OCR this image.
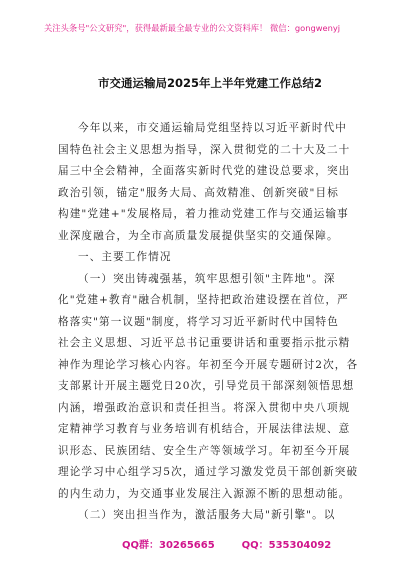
关注头条号"公文研究"，获得最新最全最专业的公文资料库！ 微信：gongwenyj
市交通运输局2025年上半年党建工作总结2
今年以来，市交通运输局党组坚持以习近平新时代中
国特色社会主义思想为指导，深入贯彻党的二十大及二十
届三中全会精神，全面落实新时代党的建设总要求，突出
政治引领，锚定"服务大局、高效精准、创新突破"目标
构建"党建+"发展格局，着力推动党建工作与交通运输事
业深度融合，为全市高质量发展提供坚实的交通保障。
一、主要工作情况
（一）突出铸魂强基，筑牢思想引领"主阵地"。深
化"党建+教育"融合机制，坚持把政治建设摆在首位，严
格落实"第一议题"制度，将学习习近平新时代中国特色
社会主义思想、习近平总书记重要讲话和重要指示批示精
神作为理论学习核心内容。年初至今开展专题研讨2次，各
支部累计开展主题党日20次，引导党员干部深刻领悟思想
内涵，增强政治意识和责任担当。将深入贯彻中央八项规
定精神学习教育与业务培训有机结合，开展法律法规、意
识形态、民族团结、安全生产等领域学习。年初至今开展
理论学习中心组学习5次，通过学习激发党员干部创新突破
的内生动力，为交通事业发展注入源源不断的思想动能。
（二）突出担当作为，激活服务大局"新引擎"。以
QQ群：30265665	QQ：535304092
